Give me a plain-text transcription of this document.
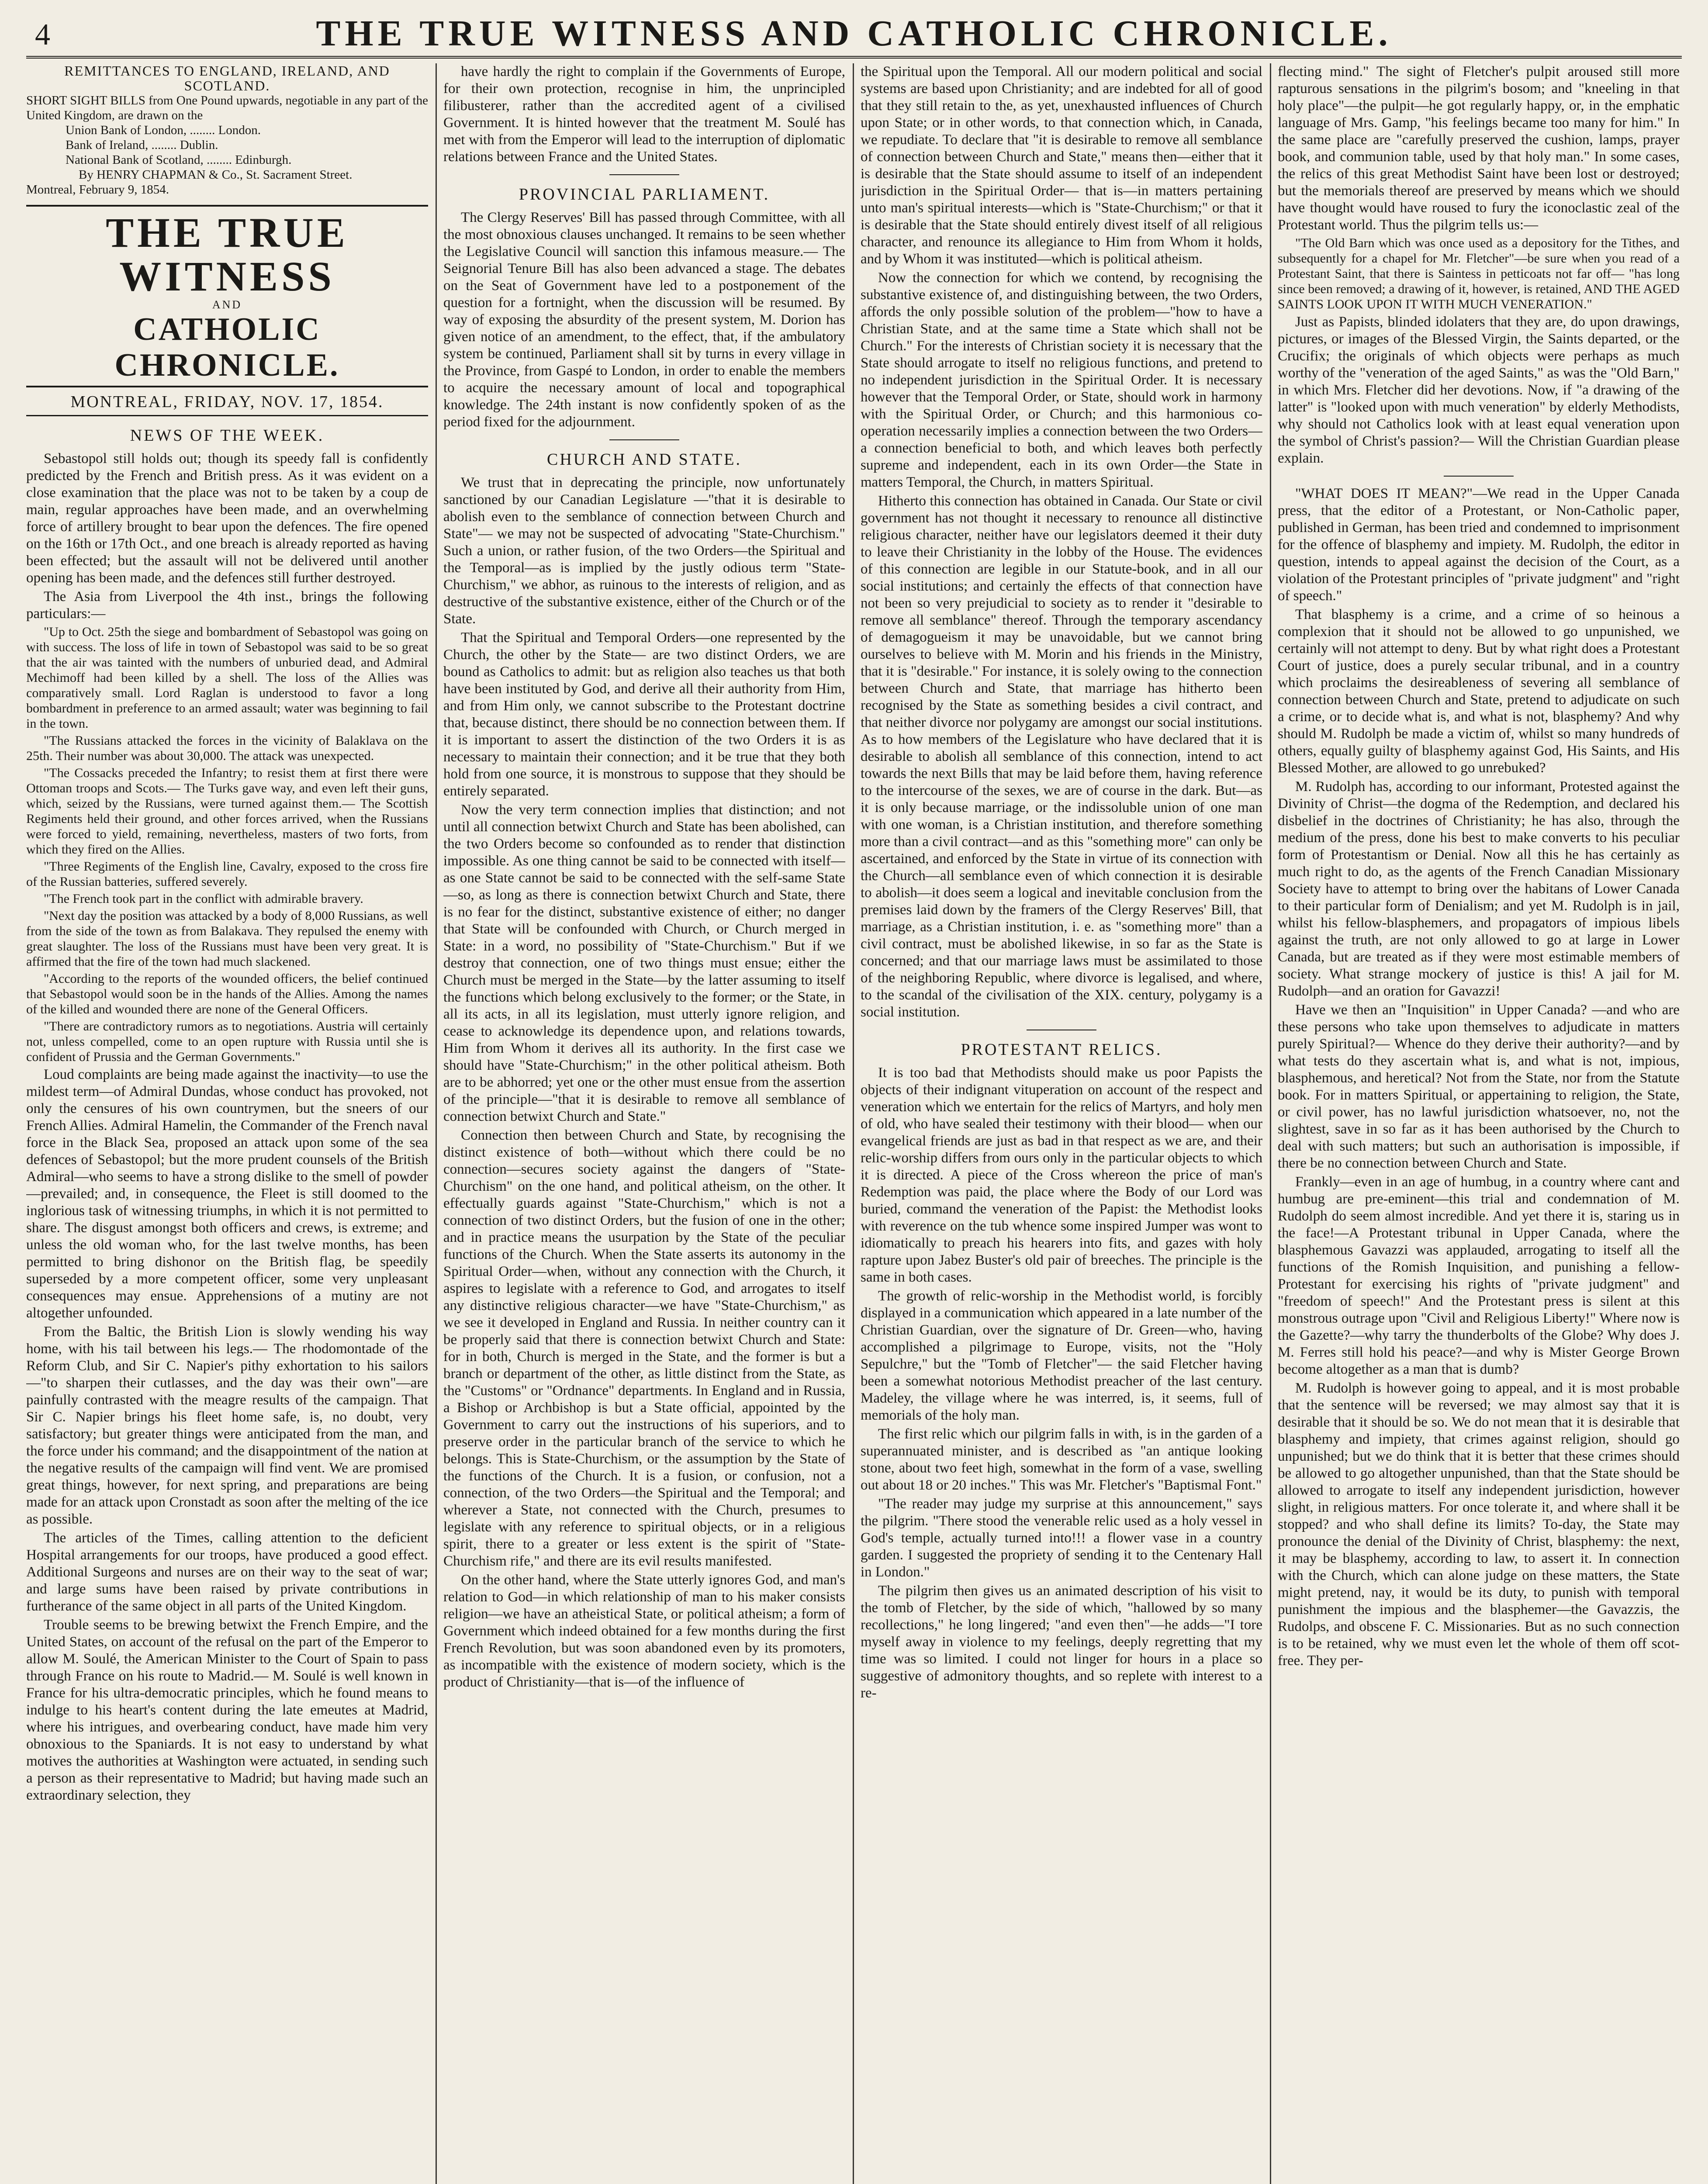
4	THE TRUE WITNESS AND CATHOLIC CHRONICLE.
REMITTANCES TO ENGLAND, IRELAND, AND SCOTLAND.
SHORT SIGHT BILLS from One Pound upwards, negotiable in any part of the United Kingdom, are drawn on the
Union Bank of London, ........ London.
Bank of Ireland, ........ Dublin.
National Bank of Scotland, ........ Edinburgh.
By HENRY CHAPMAN & Co., St. Sacrament Street.
Montreal, February 9, 1854.
THE TRUE WITNESS
AND
CATHOLIC CHRONICLE.
MONTREAL, FRIDAY, NOV. 17, 1854.
NEWS OF THE WEEK.

Sebastopol still holds out; though its speedy fall is confidently predicted by the French and British press. As it was evident on a close examination that the place was not to be taken by a coup de main, regular approaches have been made, and an overwhelming force of artillery brought to bear upon the defences. The fire opened on the 16th or 17th Oct., and one breach is already reported as having been effected; but the assault will not be delivered until another opening has been made, and the defences still further destroyed.

The Asia from Liverpool the 4th inst., brings the following particulars:—

"Up to Oct. 25th the siege and bombardment of Sebastopol was going on with success. The loss of life in town of Sebastopol was said to be so great that the air was tainted with the numbers of unburied dead, and Admiral Mechimoff had been killed by a shell. The loss of the Allies was comparatively small. Lord Raglan is understood to favor a long bombardment in preference to an armed assault; water was beginning to fail in the town.

"The Russians attacked the forces in the vicinity of Balaklava on the 25th. Their number was about 30,000. The attack was unexpected.

"The Cossacks preceded the Infantry; to resist them at first there were Ottoman troops and Scots.— The Turks gave way, and even left their guns, which, seized by the Russians, were turned against them.— The Scottish Regiments held their ground, and other forces arrived, when the Russians were forced to yield, remaining, nevertheless, masters of two forts, from which they fired on the Allies.

"Three Regiments of the English line, Cavalry, exposed to the cross fire of the Russian batteries, suffered severely.

"The French took part in the conflict with admirable bravery.

"Next day the position was attacked by a body of 8,000 Russians, as well from the side of the town as from Balakava. They repulsed the enemy with great slaughter. The loss of the Russians must have been very great. It is affirmed that the fire of the town had much slackened.

"According to the reports of the wounded officers, the belief continued that Sebastopol would soon be in the hands of the Allies. Among the names of the killed and wounded there are none of the General Officers.

"There are contradictory rumors as to negotiations. Austria will certainly not, unless compelled, come to an open rupture with Russia until she is confident of Prussia and the German Governments."

Loud complaints are being made against the inactivity—to use the mildest term—of Admiral Dundas, whose conduct has provoked, not only the censures of his own countrymen, but the sneers of our French Allies. Admiral Hamelin, the Commander of the French naval force in the Black Sea, proposed an attack upon some of the sea defences of Sebastopol; but the more prudent counsels of the British Admiral—who seems to have a strong dislike to the smell of powder—prevailed; and, in consequence, the Fleet is still doomed to the inglorious task of witnessing triumphs, in which it is not permitted to share. The disgust amongst both officers and crews, is extreme; and unless the old woman who, for the last twelve months, has been permitted to bring dishonor on the British flag, be speedily superseded by a more competent officer, some very unpleasant consequences may ensue. Apprehensions of a mutiny are not altogether unfounded.

From the Baltic, the British Lion is slowly wending his way home, with his tail between his legs.— The rhodomontade of the Reform Club, and Sir C. Napier's pithy exhortation to his sailors—"to sharpen their cutlasses, and the day was their own"—are painfully contrasted with the meagre results of the campaign. That Sir C. Napier brings his fleet home safe, is, no doubt, very satisfactory; but greater things were anticipated from the man, and the force under his command; and the disappointment of the nation at the negative results of the campaign will find vent. We are promised great things, however, for next spring, and preparations are being made for an attack upon Cronstadt as soon after the melting of the ice as possible.

The articles of the Times, calling attention to the deficient Hospital arrangements for our troops, have produced a good effect. Additional Surgeons and nurses are on their way to the seat of war; and large sums have been raised by private contributions in furtherance of the same object in all parts of the United Kingdom.

Trouble seems to be brewing betwixt the French Empire, and the United States, on account of the refusal on the part of the Emperor to allow M. Soulé, the American Minister to the Court of Spain to pass through France on his route to Madrid.— M. Soulé is well known in France for his ultra-democratic principles, which he found means to indulge to his heart's content during the late emeutes at Madrid, where his intrigues, and overbearing conduct, have made him very obnoxious to the Spaniards. It is not easy to understand by what motives the authorities at Washington were actuated, in sending such a person as their representative to Madrid; but having made such an extraordinary selection, they

have hardly the right to complain if the Governments of Europe, for their own protection, recognise in him, the unprincipled filibusterer, rather than the accredited agent of a civilised Government. It is hinted however that the treatment M. Soulé has met with from the Emperor will lead to the interruption of diplomatic relations between France and the United States.

PROVINCIAL PARLIAMENT.

The Clergy Reserves' Bill has passed through Committee, with all the most obnoxious clauses unchanged. It remains to be seen whether the Legislative Council will sanction this infamous measure.— The Seignorial Tenure Bill has also been advanced a stage. The debates on the Seat of Government have led to a postponement of the question for a fortnight, when the discussion will be resumed. By way of exposing the absurdity of the present system, M. Dorion has given notice of an amendment, to the effect, that, if the ambulatory system be continued, Parliament shall sit by turns in every village in the Province, from Gaspé to London, in order to enable the members to acquire the necessary amount of local and topographical knowledge. The 24th instant is now confidently spoken of as the period fixed for the adjournment.

CHURCH AND STATE.

We trust that in deprecating the principle, now unfortunately sanctioned by our Canadian Legislature —"that it is desirable to abolish even to the semblance of connection between Church and State"— we may not be suspected of advocating "State-Churchism." Such a union, or rather fusion, of the two Orders—the Spiritual and the Temporal—as is implied by the justly odious term "State-Churchism," we abhor, as ruinous to the interests of religion, and as destructive of the substantive existence, either of the Church or of the State.

That the Spiritual and Temporal Orders—one represented by the Church, the other by the State— are two distinct Orders, we are bound as Catholics to admit: but as religion also teaches us that both have been instituted by God, and derive all their authority from Him, and from Him only, we cannot subscribe to the Protestant doctrine that, because distinct, there should be no connection between them. If it is important to assert the distinction of the two Orders it is as necessary to maintain their connection; and it be true that they both hold from one source, it is monstrous to suppose that they should be entirely separated.

Now the very term connection implies that distinction; and not until all connection betwixt Church and State has been abolished, can the two Orders become so confounded as to render that distinction impossible. As one thing cannot be said to be connected with itself—as one State cannot be said to be connected with the self-same State—so, as long as there is connection betwixt Church and State, there is no fear for the distinct, substantive existence of either; no danger that State will be confounded with Church, or Church merged in State: in a word, no possibility of "State-Churchism." But if we destroy that connection, one of two things must ensue; either the Church must be merged in the State—by the latter assuming to itself the functions which belong exclusively to the former; or the State, in all its acts, in all its legislation, must utterly ignore religion, and cease to acknowledge its dependence upon, and relations towards, Him from Whom it derives all its authority. In the first case we should have "State-Churchism;" in the other political atheism. Both are to be abhorred; yet one or the other must ensue from the assertion of the principle—"that it is desirable to remove all semblance of connection betwixt Church and State."

Connection then between Church and State, by recognising the distinct existence of both—without which there could be no connection—secures society against the dangers of "State-Churchism" on the one hand, and political atheism, on the other. It effectually guards against "State-Churchism," which is not a connection of two distinct Orders, but the fusion of one in the other; and in practice means the usurpation by the State of the peculiar functions of the Church. When the State asserts its autonomy in the Spiritual Order—when, without any connection with the Church, it aspires to legislate with a reference to God, and arrogates to itself any distinctive religious character—we have "State-Churchism," as we see it developed in England and Russia. In neither country can it be properly said that there is connection betwixt Church and State: for in both, Church is merged in the State, and the former is but a branch or department of the other, as little distinct from the State, as the "Customs" or "Ordnance" departments. In England and in Russia, a Bishop or Archbishop is but a State official, appointed by the Government to carry out the instructions of his superiors, and to preserve order in the particular branch of the service to which he belongs. This is State-Churchism, or the assumption by the State of the functions of the Church. It is a fusion, or confusion, not a connection, of the two Orders—the Spiritual and the Temporal; and wherever a State, not connected with the Church, presumes to legislate with any reference to spiritual objects, or in a religious spirit, there to a greater or less extent is the spirit of "State-Churchism rife," and there are its evil results manifested.

On the other hand, where the State utterly ignores God, and man's relation to God—in which relationship of man to his maker consists religion—we have an atheistical State, or political atheism; a form of Government which indeed obtained for a few months during the first French Revolution, but was soon abandoned even by its promoters, as incompatible with the existence of modern society, which is the product of Christianity—that is—of the influence of

the Spiritual upon the Temporal. All our modern political and social systems are based upon Christianity; and are indebted for all of good that they still retain to the, as yet, unexhausted influences of Church upon State; or in other words, to that connection which, in Canada, we repudiate. To declare that "it is desirable to remove all semblance of connection between Church and State," means then—either that it is desirable that the State should assume to itself of an independent jurisdiction in the Spiritual Order— that is—in matters pertaining unto man's spiritual interests—which is "State-Churchism;" or that it is desirable that the State should entirely divest itself of all religious character, and renounce its allegiance to Him from Whom it holds, and by Whom it was instituted—which is political atheism.

Now the connection for which we contend, by recognising the substantive existence of, and distinguishing between, the two Orders, affords the only possible solution of the problem—"how to have a Christian State, and at the same time a State which shall not be Church." For the interests of Christian society it is necessary that the State should arrogate to itself no religious functions, and pretend to no independent jurisdiction in the Spiritual Order. It is necessary however that the Temporal Order, or State, should work in harmony with the Spiritual Order, or Church; and this harmonious co-operation necessarily implies a connection between the two Orders—a connection beneficial to both, and which leaves both perfectly supreme and independent, each in its own Order—the State in matters Temporal, the Church, in matters Spiritual.

Hitherto this connection has obtained in Canada. Our State or civil government has not thought it necessary to renounce all distinctive religious character, neither have our legislators deemed it their duty to leave their Christianity in the lobby of the House. The evidences of this connection are legible in our Statute-book, and in all our social institutions; and certainly the effects of that connection have not been so very prejudicial to society as to render it "desirable to remove all semblance" thereof. Through the temporary ascendancy of demagogueism it may be unavoidable, but we cannot bring ourselves to believe with M. Morin and his friends in the Ministry, that it is "desirable." For instance, it is solely owing to the connection between Church and State, that marriage has hitherto been recognised by the State as something besides a civil contract, and that neither divorce nor polygamy are amongst our social institutions. As to how members of the Legislature who have declared that it is desirable to abolish all semblance of this connection, intend to act towards the next Bills that may be laid before them, having reference to the intercourse of the sexes, we are of course in the dark. But—as it is only because marriage, or the indissoluble union of one man with one woman, is a Christian institution, and therefore something more than a civil contract—and as this "something more" can only be ascertained, and enforced by the State in virtue of its connection with the Church—all semblance even of which connection it is desirable to abolish—it does seem a logical and inevitable conclusion from the premises laid down by the framers of the Clergy Reserves' Bill, that marriage, as a Christian institution, i. e. as "something more" than a civil contract, must be abolished likewise, in so far as the State is concerned; and that our marriage laws must be assimilated to those of the neighboring Republic, where divorce is legalised, and where, to the scandal of the civilisation of the XIX. century, polygamy is a social institution.

PROTESTANT RELICS.

It is too bad that Methodists should make us poor Papists the objects of their indignant vituperation on account of the respect and veneration which we entertain for the relics of Martyrs, and holy men of old, who have sealed their testimony with their blood— when our evangelical friends are just as bad in that respect as we are, and their relic-worship differs from ours only in the particular objects to which it is directed. A piece of the Cross whereon the price of man's Redemption was paid, the place where the Body of our Lord was buried, command the veneration of the Papist: the Methodist looks with reverence on the tub whence some inspired Jumper was wont to idiomatically to preach his hearers into fits, and gazes with holy rapture upon Jabez Buster's old pair of breeches. The principle is the same in both cases.

The growth of relic-worship in the Methodist world, is forcibly displayed in a communication which appeared in a late number of the Christian Guardian, over the signature of Dr. Green—who, having accomplished a pilgrimage to Europe, visits, not the "Holy Sepulchre," but the "Tomb of Fletcher"— the said Fletcher having been a somewhat notorious Methodist preacher of the last century. Madeley, the village where he was interred, is, it seems, full of memorials of the holy man.

The first relic which our pilgrim falls in with, is in the garden of a superannuated minister, and is described as "an antique looking stone, about two feet high, somewhat in the form of a vase, swelling out about 18 or 20 inches." This was Mr. Fletcher's "Baptismal Font."

"The reader may judge my surprise at this announcement," says the pilgrim. "There stood the venerable relic used as a holy vessel in God's temple, actually turned into!!! a flower vase in a country garden. I suggested the propriety of sending it to the Centenary Hall in London."

The pilgrim then gives us an animated description of his visit to the tomb of Fletcher, by the side of which, "hallowed by so many recollections," he long lingered; "and even then"—he adds—"I tore myself away in violence to my feelings, deeply regretting that my time was so limited. I could not linger for hours in a place so suggestive of admonitory thoughts, and so replete with interest to a re-

flecting mind." The sight of Fletcher's pulpit aroused still more rapturous sensations in the pilgrim's bosom; and "kneeling in that holy place"—the pulpit—he got regularly happy, or, in the emphatic language of Mrs. Gamp, "his feelings became too many for him." In the same place are "carefully preserved the cushion, lamps, prayer book, and communion table, used by that holy man." In some cases, the relics of this great Methodist Saint have been lost or destroyed; but the memorials thereof are preserved by means which we should have thought would have roused to fury the iconoclastic zeal of the Protestant world. Thus the pilgrim tells us:—

"The Old Barn which was once used as a depository for the Tithes, and subsequently for a chapel for Mr. Fletcher"—be sure when you read of a Protestant Saint, that there is Saintess in petticoats not far off— "has long since been removed; a drawing of it, however, is retained, AND THE AGED SAINTS LOOK UPON IT WITH MUCH VENERATION."

Just as Papists, blinded idolaters that they are, do upon drawings, pictures, or images of the Blessed Virgin, the Saints departed, or the Crucifix; the originals of which objects were perhaps as much worthy of the "veneration of the aged Saints," as was the "Old Barn," in which Mrs. Fletcher did her devotions. Now, if "a drawing of the latter" is "looked upon with much veneration" by elderly Methodists, why should not Catholics look with at least equal veneration upon the symbol of Christ's passion?— Will the Christian Guardian please explain.

"WHAT DOES IT MEAN?"—We read in the Upper Canada press, that the editor of a Protestant, or Non-Catholic paper, published in German, has been tried and condemned to imprisonment for the offence of blasphemy and impiety. M. Rudolph, the editor in question, intends to appeal against the decision of the Court, as a violation of the Protestant principles of "private judgment" and "right of speech."

That blasphemy is a crime, and a crime of so heinous a complexion that it should not be allowed to go unpunished, we certainly will not attempt to deny. But by what right does a Protestant Court of justice, does a purely secular tribunal, and in a country which proclaims the desireableness of severing all semblance of connection between Church and State, pretend to adjudicate on such a crime, or to decide what is, and what is not, blasphemy? And why should M. Rudolph be made a victim of, whilst so many hundreds of others, equally guilty of blasphemy against God, His Saints, and His Blessed Mother, are allowed to go unrebuked?

M. Rudolph has, according to our informant, Protested against the Divinity of Christ—the dogma of the Redemption, and declared his disbelief in the doctrines of Christianity; he has also, through the medium of the press, done his best to make converts to his peculiar form of Protestantism or Denial. Now all this he has certainly as much right to do, as the agents of the French Canadian Missionary Society have to attempt to bring over the habitans of Lower Canada to their particular form of Denialism; and yet M. Rudolph is in jail, whilst his fellow-blasphemers, and propagators of impious libels against the truth, are not only allowed to go at large in Lower Canada, but are treated as if they were most estimable members of society. What strange mockery of justice is this! A jail for M. Rudolph—and an oration for Gavazzi!

Have we then an "Inquisition" in Upper Canada? —and who are these persons who take upon themselves to adjudicate in matters purely Spiritual?— Whence do they derive their authority?—and by what tests do they ascertain what is, and what is not, impious, blasphemous, and heretical? Not from the State, nor from the Statute book. For in matters Spiritual, or appertaining to religion, the State, or civil power, has no lawful jurisdiction whatsoever, no, not the slightest, save in so far as it has been authorised by the Church to deal with such matters; but such an authorisation is impossible, if there be no connection between Church and State.

Frankly—even in an age of humbug, in a country where cant and humbug are pre-eminent—this trial and condemnation of M. Rudolph do seem almost incredible. And yet there it is, staring us in the face!—A Protestant tribunal in Upper Canada, where the blasphemous Gavazzi was applauded, arrogating to itself all the functions of the Romish Inquisition, and punishing a fellow-Protestant for exercising his rights of "private judgment" and "freedom of speech!" And the Protestant press is silent at this monstrous outrage upon "Civil and Religious Liberty!" Where now is the Gazette?—why tarry the thunderbolts of the Globe? Why does J. M. Ferres still hold his peace?—and why is Mister George Brown become altogether as a man that is dumb?

M. Rudolph is however going to appeal, and it is most probable that the sentence will be reversed; we may almost say that it is desirable that it should be so. We do not mean that it is desirable that blasphemy and impiety, that crimes against religion, should go unpunished; but we do think that it is better that these crimes should be allowed to go altogether unpunished, than that the State should be allowed to arrogate to itself any independent jurisdiction, however slight, in religious matters. For once tolerate it, and where shall it be stopped? and who shall define its limits? To-day, the State may pronounce the denial of the Divinity of Christ, blasphemy: the next, it may be blasphemy, according to law, to assert it. In connection with the Church, which can alone judge on these matters, the State might pretend, nay, it would be its duty, to punish with temporal punishment the impious and the blasphemer—the Gavazzis, the Rudolps, and obscene F. C. Missionaries. But as no such connection is to be retained, why we must even let the whole of them off scot-free. They per-
